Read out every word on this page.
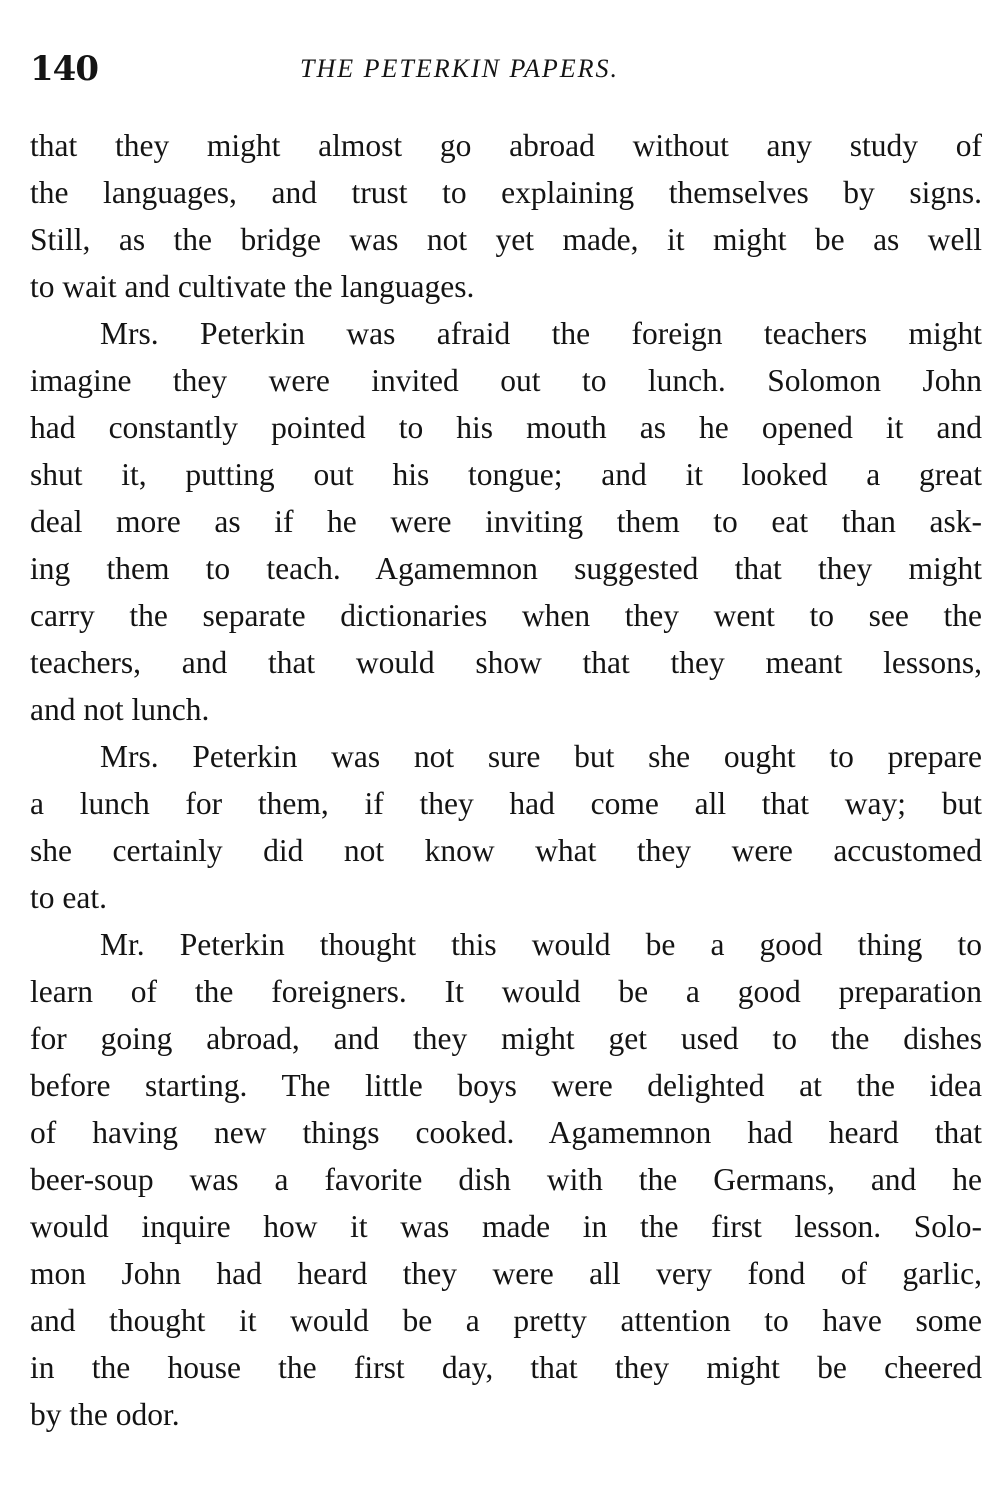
140	THE PETERKIN PAPERS.
that they might almost go abroad without any study of
the languages, and trust to explaining themselves by signs.
Still, as the bridge was not yet made, it might be as well
to wait and cultivate the languages.
Mrs. Peterkin was afraid the foreign teachers might
imagine they were invited out to lunch. Solomon John
had constantly pointed to his mouth as he opened it and
shut it, putting out his tongue; and it looked a great
deal more as if he were inviting them to eat than ask-
ing them to teach. Agamemnon suggested that they might
carry the separate dictionaries when they went to see the
teachers, and that would show that they meant lessons,
and not lunch.
Mrs. Peterkin was not sure but she ought to prepare
a lunch for them, if they had come all that way; but
she certainly did not know what they were accustomed
to eat.
Mr. Peterkin thought this would be a good thing to
learn of the foreigners. It would be a good preparation
for going abroad, and they might get used to the dishes
before starting. The little boys were delighted at the idea
of having new things cooked. Agamemnon had heard that
beer-soup was a favorite dish with the Germans, and he
would inquire how it was made in the first lesson. Solo-
mon John had heard they were all very fond of garlic,
and thought it would be a pretty attention to have some
in the house the first day, that they might be cheered
by the odor.
